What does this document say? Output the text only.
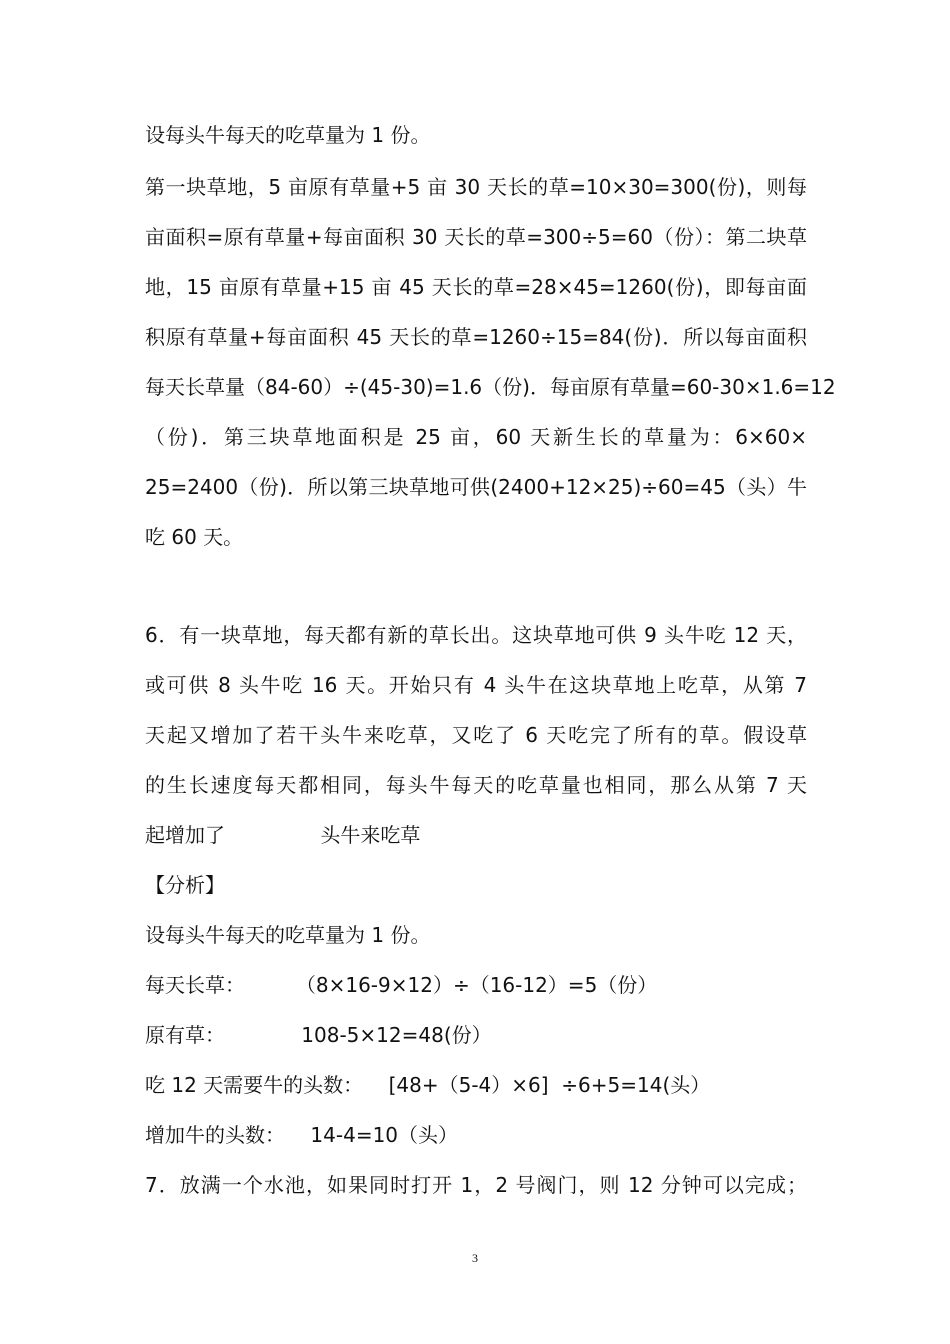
设每头牛每天的吃草量为 1 份。
第一块草地，5 亩原有草量+5 亩 30 天长的草=10×30=300(份)，则每
亩面积=原有草量+每亩面积 30 天长的草=300÷5=60（份）：第二块草
地，15 亩原有草量+15 亩 45 天长的草=28×45=1260(份)，即每亩面
积原有草量+每亩面积 45 天长的草=1260÷15=84(份)．所以每亩面积
每天长草量（84-60）÷(45-30)=1.6（份)．每亩原有草量=60-30×1.6=12
（份)．第三块草地面积是 25 亩，60 天新生长的草量为：6×60×
25=2400（份)．所以第三块草地可供(2400+12×25)÷60=45（头）牛
吃 60 天。
6．有一块草地，每天都有新的草长出。这块草地可供 9 头牛吃 12 天，
或可供 8 头牛吃 16 天。开始只有 4 头牛在这块草地上吃草，从第 7
天起又增加了若干头牛来吃草，又吃了 6 天吃完了所有的草。假设草
的生长速度每天都相同，每头牛每天的吃草量也相同，那么从第 7 天
起增加了               头牛来吃草
【分析】
设每头牛每天的吃草量为 1 份。
每天长草：        （8×16-9×12）÷（16-12）=5（份）
原有草：            108-5×12=48(份）
吃 12 天需要牛的头数：    [48+（5-4）×6]  ÷6+5=14(头）
增加牛的头数：    14-4=10（头）
7．放满一个水池，如果同时打开 1，2 号阀门，则 12 分钟可以完成；
3
